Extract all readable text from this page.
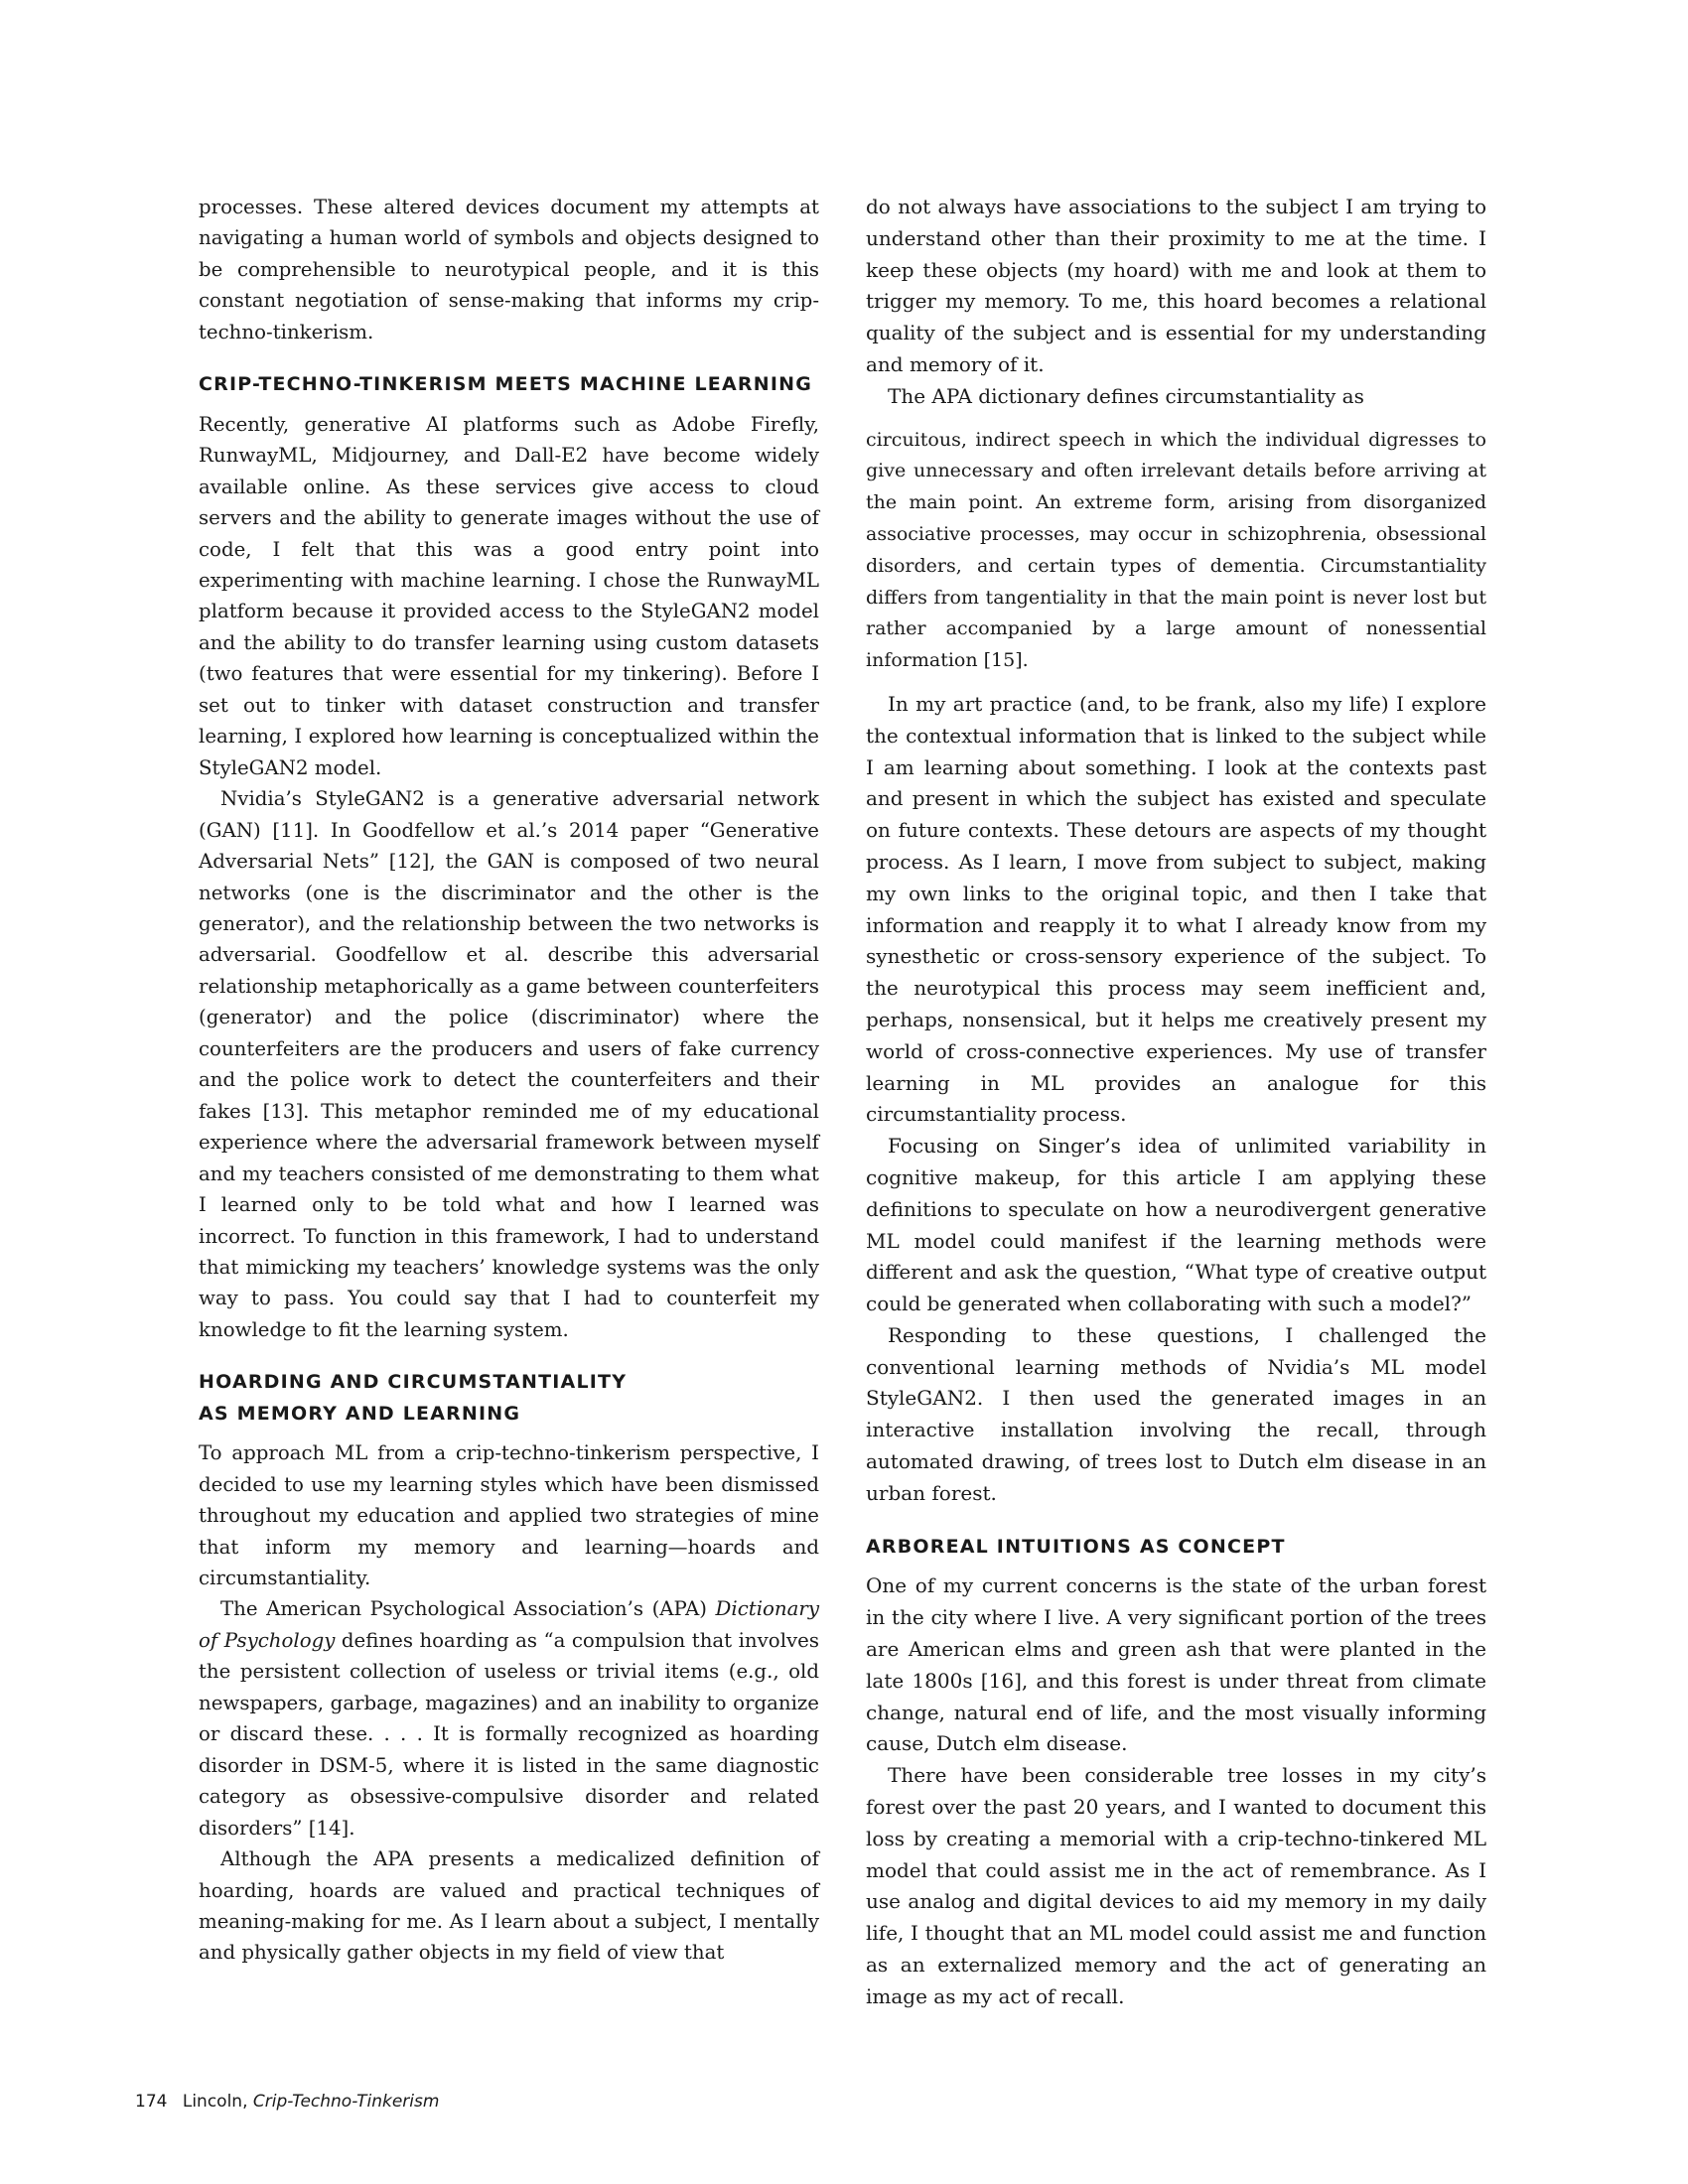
processes. These altered devices document my attempts at navigating a human world of symbols and objects designed to be comprehensible to neurotypical people, and it is this constant negotiation of sense-making that informs my crip-techno-tinkerism.

CRIP-TECHNO-TINKERISM MEETS MACHINE LEARNING

Recently, generative AI platforms such as Adobe Firefly, RunwayML, Midjourney, and Dall-E2 have become widely available online. As these services give access to cloud servers and the ability to generate images without the use of code, I felt that this was a good entry point into experimenting with machine learning. I chose the RunwayML platform because it provided access to the StyleGAN2 model and the ability to do transfer learning using custom datasets (two features that were essential for my tinkering). Before I set out to tinker with dataset construction and transfer learning, I explored how learning is conceptualized within the StyleGAN2 model.

Nvidia’s StyleGAN2 is a generative adversarial network (GAN) [11]. In Goodfellow et al.’s 2014 paper “Generative Adversarial Nets” [12], the GAN is composed of two neural networks (one is the discriminator and the other is the generator), and the relationship between the two networks is adversarial. Goodfellow et al. describe this adversarial relationship metaphorically as a game between counterfeiters (generator) and the police (discriminator) where the counterfeiters are the producers and users of fake currency and the police work to detect the counterfeiters and their fakes [13]. This metaphor reminded me of my educational experience where the adversarial framework between myself and my teachers consisted of me demonstrating to them what I learned only to be told what and how I learned was incorrect. To function in this framework, I had to understand that mimicking my teachers’ knowledge systems was the only way to pass. You could say that I had to counterfeit my knowledge to fit the learning system.

HOARDING AND CIRCUMSTANTIALITY
AS MEMORY AND LEARNING

To approach ML from a crip-techno-tinkerism perspective, I decided to use my learning styles which have been dismissed throughout my education and applied two strategies of mine that inform my memory and learning—hoards and circumstantiality.

The American Psychological Association’s (APA) Dictionary of Psychology defines hoarding as “a compulsion that involves the persistent collection of useless or trivial items (e.g., old newspapers, garbage, magazines) and an inability to organize or discard these. . . . It is formally recognized as hoarding disorder in DSM-5, where it is listed in the same diagnostic category as obsessive-compulsive disorder and related disorders” [14].

Although the APA presents a medicalized definition of hoarding, hoards are valued and practical techniques of meaning-making for me. As I learn about a subject, I mentally and physically gather objects in my field of view that

do not always have associations to the subject I am trying to understand other than their proximity to me at the time. I keep these objects (my hoard) with me and look at them to trigger my memory. To me, this hoard becomes a relational quality of the subject and is essential for my understanding and memory of it.

The APA dictionary defines circumstantiality as

circuitous, indirect speech in which the individual digresses to give unnecessary and often irrelevant details before arriving at the main point. An extreme form, arising from disorganized associative processes, may occur in schizophrenia, obsessional disorders, and certain types of dementia. Circumstantiality differs from tangentiality in that the main point is never lost but rather accompanied by a large amount of nonessential information [15].

In my art practice (and, to be frank, also my life) I explore the contextual information that is linked to the subject while I am learning about something. I look at the contexts past and present in which the subject has existed and speculate on future contexts. These detours are aspects of my thought process. As I learn, I move from subject to subject, making my own links to the original topic, and then I take that information and reapply it to what I already know from my synesthetic or cross-sensory experience of the subject. To the neurotypical this process may seem inefficient and, perhaps, nonsensical, but it helps me creatively present my world of cross-connective experiences. My use of transfer learning in ML provides an analogue for this circumstantiality process.

Focusing on Singer’s idea of unlimited variability in cognitive makeup, for this article I am applying these definitions to speculate on how a neurodivergent generative ML model could manifest if the learning methods were different and ask the question, “What type of creative output could be generated when collaborating with such a model?”

Responding to these questions, I challenged the conventional learning methods of Nvidia’s ML model StyleGAN2. I then used the generated images in an interactive installation involving the recall, through automated drawing, of trees lost to Dutch elm disease in an urban forest.

ARBOREAL INTUITIONS AS CONCEPT

One of my current concerns is the state of the urban forest in the city where I live. A very significant portion of the trees are American elms and green ash that were planted in the late 1800s [16], and this forest is under threat from climate change, natural end of life, and the most visually informing cause, Dutch elm disease.

There have been considerable tree losses in my city’s forest over the past 20 years, and I wanted to document this loss by creating a memorial with a crip-techno-tinkered ML model that could assist me in the act of remembrance. As I use analog and digital devices to aid my memory in my daily life, I thought that an ML model could assist me and function as an externalized memory and the act of generating an image as my act of recall.

174 Lincoln, Crip-Techno-Tinkerism
